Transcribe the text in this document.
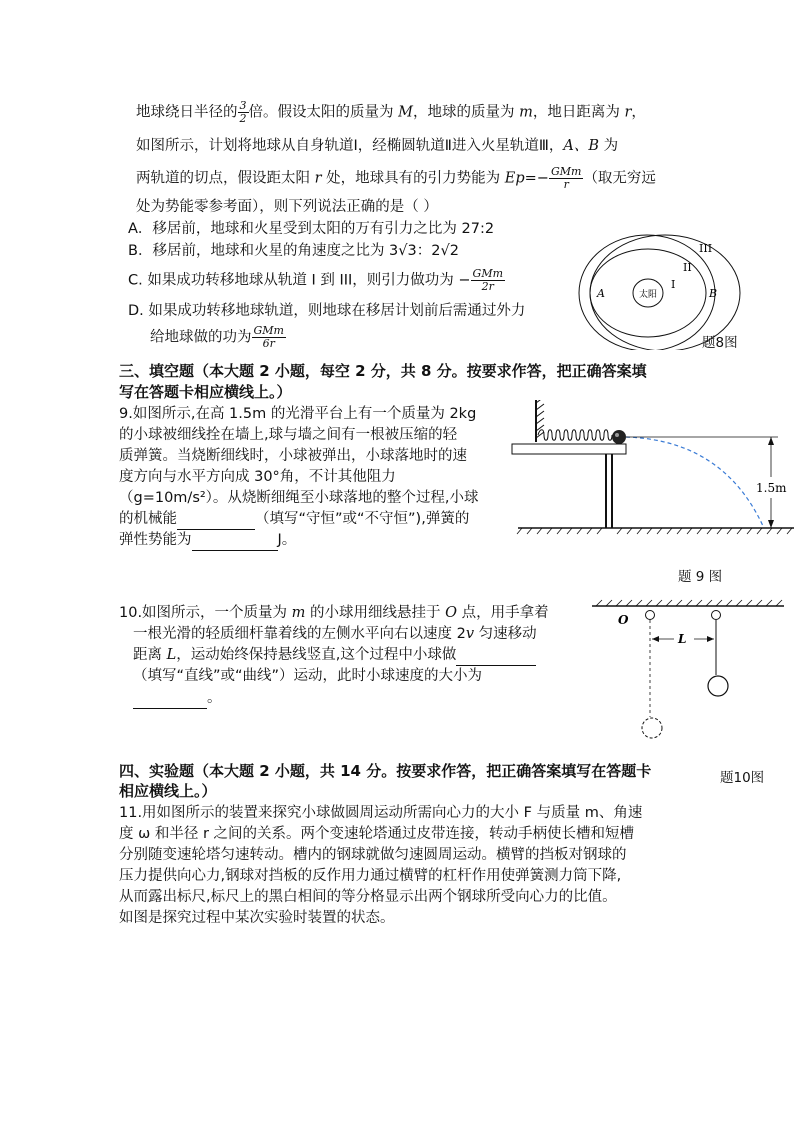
地球绕日半径的 $\frac{3}{2}$ 倍。假设太阳的质量为 M，地球的质量为 m，地日距离为 r，
如图所示，计划将地球从自身轨道Ⅰ，经椭圆轨道Ⅱ进入火星轨道Ⅲ，A、B 为
两轨道的切点，假设距太阳 r 处，地球具有的引力势能为 $Ep=- \frac{\text{GMm}}{r}$ （取无穷远
处为势能零参考面），则下列说法正确的是（ ）
A．移居前，地球和火星受到太阳的万有引力之比为 27:2
B．移居前，地球和火星的角速度之比为 3√3：2√2
C. 如果成功转移地球从轨道 I 到 III，则引力做功为 − $\frac{\text{GMm}}{2r}$
D. 如果成功转移地球轨道，则地球在移居计划前后需通过外力
给地球做的功为 $\frac{\text{GMm}}{6r}$
太阳
I
II
III
A	B
题8图
三、填空题（本大题 2 小题，每空 2 分，共 8 分。按要求作答，把正确答案填
写在答题卡相应横线上。）
9.如图所示,在高 1.5m 的光滑平台上有一个质量为 2kg
的小球被细线拴在墙上,球与墙之间有一根被压缩的轻
质弹簧。当烧断细线时，小球被弹出，小球落地时的速
度方向与水平方向成 30°角，不计其他阻力
（g=10m/s²）。从烧断细绳至小球落地的整个过程,小球
的机械能	（填写“守恒”或“不守恒”),弹簧的
弹性势能为	J。
1.5m
题 9 图
10.如图所示，一个质量为 m 的小球用细线悬挂于 O 点，用手拿着
一根光滑的轻质细杆靠着线的左侧水平向右以速度 2v 匀速移动
距离 L，运动始终保持悬线竖直,这个过程中小球做
（填写“直线”或“曲线”）运动，此时小球速度的大小为
。
O
L
四、实验题（本大题 2 小题，共 14 分。按要求作答，把正确答案填写在答题卡
相应横线上。）
题10图
11.用如图所示的装置来探究小球做圆周运动所需向心力的大小 F 与质量 m、角速
度 ω 和半径 r 之间的关系。两个变速轮塔通过皮带连接，转动手柄使长槽和短槽
分别随变速轮塔匀速转动。槽内的钢球就做匀速圆周运动。横臂的挡板对钢球的
压力提供向心力,钢球对挡板的反作用力通过横臂的杠杆作用使弹簧测力筒下降,
从而露出标尺,标尺上的黑白相间的等分格显示出两个钢球所受向心力的比值。
如图是探究过程中某次实验时装置的状态。
